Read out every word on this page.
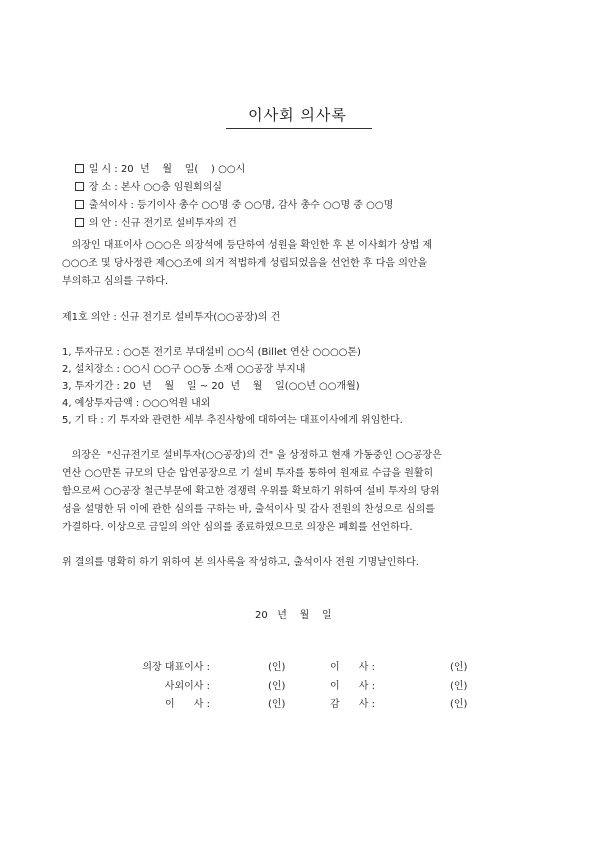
이사회 의사록

일 시 : 20  년    월    일(    ) ○○시

장 소 : 본사 ○○층 임원회의실

출석이사 : 등기이사 총수 ○○명 중 ○○명, 감사 총수 ○○명 중 ○○명

의 안 : 신규 전기로 설비투자의 건

의장인 대표이사 ○○○은 의장석에 등단하여 성원을 확인한 후 본 이사회가 상법 제
○○○조 및 당사정관 제○○조에 의거 적법하게 성립되었음을 선언한 후 다음 의안을
부의하고 심의를 구하다.
제1호 의안 : 신규 전기로 설비투자(○○공장)의 건
1, 투자규모 : ○○톤 전기로 부대설비 ○○식 (Billet 연산 ○○○○톤)
2, 설치장소 : ○○시 ○○구 ○○동 소재 ○○공장 부지내
3, 투자기간 : 20  년    월    일 ~ 20  년    월    일(○○년 ○○개월)
4, 예상투자금액 : ○○○억원 내외
5, 기 타 : 기 투자와 관련한 세부 추진사항에 대하여는 대표이사에게 위임한다.
의장은  "신규전기로 설비투자(○○공장)의 건" 을 상정하고 현재 가동중인 ○○공장은
연산 ○○만톤 규모의 단순 압연공장으로 기 설비 투자를 통하여 원재료 수급을 원활히
함으로써 ○○공장 철근부문에 확고한 경쟁력 우위를 확보하기 위하여 설비 투자의 당위
성을 설명한 뒤 이에 관한 심의를 구하는 바, 출석이사 및 감사 전원의 찬성으로 심의를
가결하다. 이상으로 금일의 의안 심의를 종료하였으므로 의장은 폐회를 선언하다.
위 결의를 명확히 하기 위하여 본 의사록을 작성하고, 출석이사 전원 기명날인하다.
20   년    월    일
의장 대표이사 :	(인)	이      사 :	(인)
사외이사 :	(인)	이      사 :	(인)
이      사 :	(인)	감      사 :	(인)
